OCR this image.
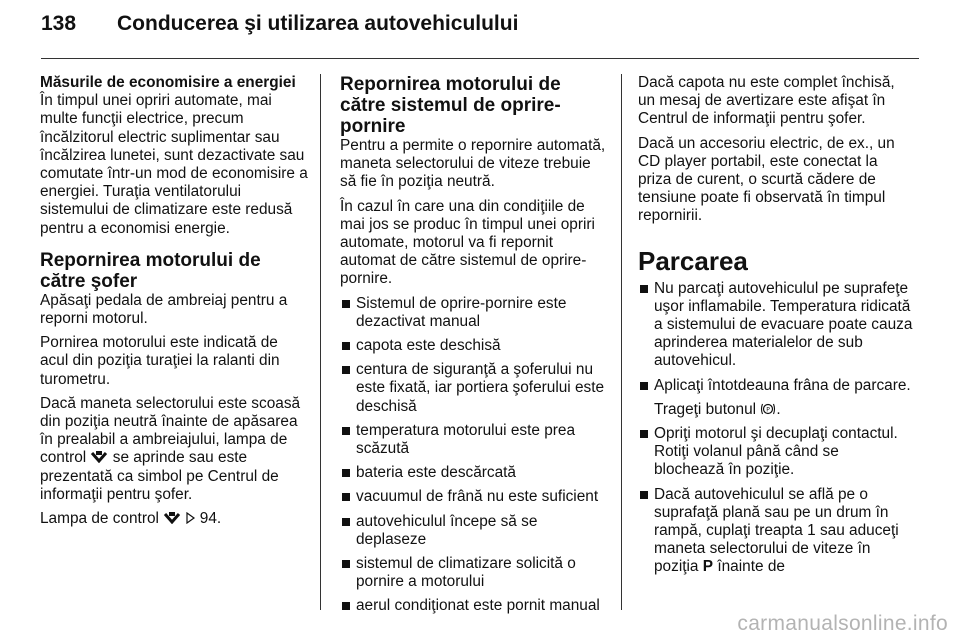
138	Conducerea şi utilizarea autovehiculului
Măsurile de economisire a energiei

În timpul unei opriri automate, mai multe funcţii electrice, precum încălzitorul electric suplimentar sau încălzirea lunetei, sunt dezactivate sau comutate într-un mod de economisire a energiei. Turaţia ventilatorului sistemului de climatizare este redusă pentru a economisi energie.

Repornirea motorului de către şofer

Apăsaţi pedala de ambreiaj pentru a reporni motorul.

Pornirea motorului este indicată de acul din poziţia turaţiei la ralanti din turometru.

Dacă maneta selectorului este scoasă din poziţia neutră înainte de apăsarea în prealabil a ambreiajului, lampa de control se aprinde sau este prezentată ca simbol pe Centrul de informaţii pentru şofer.

Lampa de control	94.

Repornirea motorului de către sistemul de oprire-pornire

Pentru a permite o repornire automată, maneta selectorului de viteze trebuie să fie în poziţia neutră.

În cazul în care una din condiţiile de mai jos se produc în timpul unei opriri automate, motorul va fi repornit automat de către sistemul de oprire-pornire.

Sistemul de oprire-pornire este dezactivat manual
capota este deschisă
centura de siguranţă a şoferului nu este fixată, iar portiera şoferului este deschisă
temperatura motorului este prea scăzută
bateria este descărcată
vacuumul de frână nu este suficient
autovehiculul începe să se deplaseze
sistemul de climatizare solicită o pornire a motorului
aerul condiţionat este pornit manual

Dacă capota nu este complet închisă, un mesaj de avertizare este afişat în Centrul de informaţii pentru şofer.

Dacă un accesoriu electric, de ex., un CD player portabil, este conectat la priza de curent, o scurtă cădere de tensiune poate fi observată în timpul repornirii.

Parcarea
Nu parcaţi autovehiculul pe suprafeţe uşor inflamabile. Temperatura ridicată a sistemului de evacuare poate cauza aprinderea materialelor de sub autovehicul.
Aplicaţi întotdeauna frâna de parcare.
Trageţi butonul P .
Opriţi motorul şi decuplaţi contactul. Rotiţi volanul până când se blochează în poziţie.
Dacă autovehiculul se află pe o suprafaţă plană sau pe un drum în rampă, cuplaţi treapta 1 sau aduceţi maneta selectorului de viteze în poziţia P înainte de
carmanualsonline.info
